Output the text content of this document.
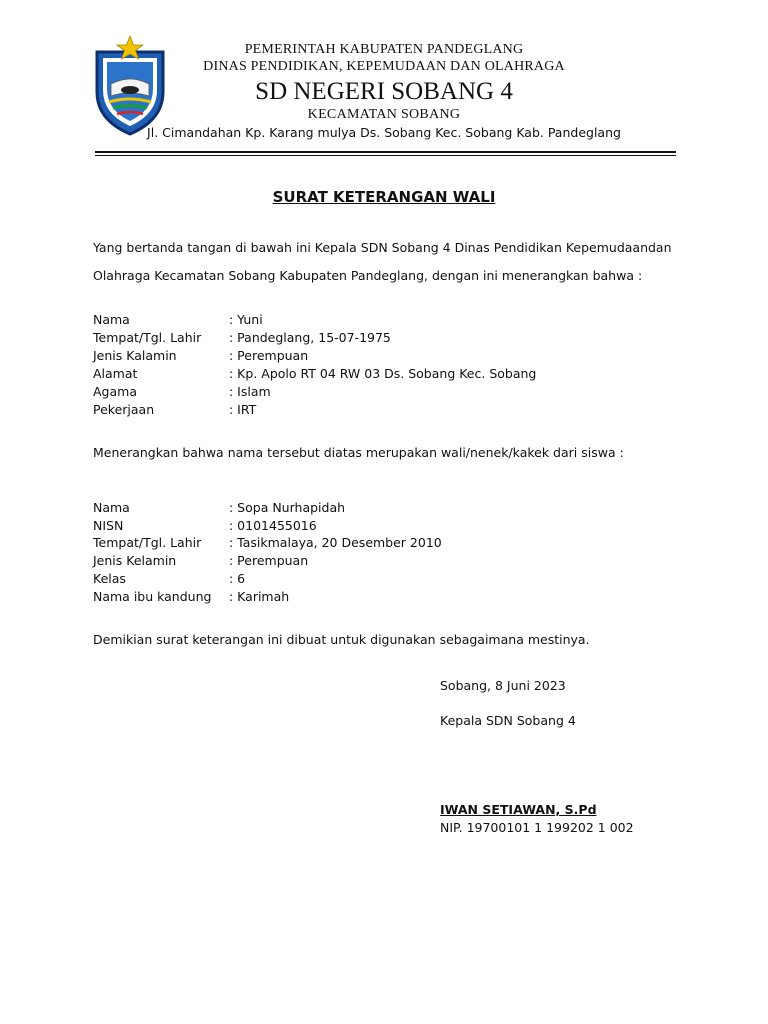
PEMERINTAH KABUPATEN PANDEGLANG
DINAS PENDIDIKAN, KEPEMUDAAN DAN OLAHRAGA
SD NEGERI SOBANG 4
KECAMATAN SOBANG
Jl. Cimandahan Kp. Karang mulya Ds. Sobang Kec. Sobang Kab. Pandeglang
SURAT KETERANGAN WALI
Yang bertanda tangan di bawah ini Kepala SDN Sobang 4 Dinas Pendidikan Kepemudaandan
Olahraga Kecamatan Sobang Kabupaten Pandeglang, dengan ini menerangkan bahwa :
Nama	: Yuni
Tempat/Tgl. Lahir : Pandeglang, 15-07-1975
Jenis Kalamin	: Perempuan
Alamat	: Kp. Apolo RT 04 RW 03 Ds. Sobang Kec. Sobang
Agama	: Islam
Pekerjaan	: IRT
Menerangkan bahwa nama tersebut diatas merupakan wali/nenek/kakek dari siswa :
Nama	: Sopa Nurhapidah
NISN	: 0101455016
Tempat/Tgl. Lahir : Tasikmalaya, 20 Desember 2010
Jenis Kelamin	: Perempuan
Kelas	: 6
Nama ibu kandung : Karimah
Demikian surat keterangan ini dibuat untuk digunakan sebagaimana mestinya.
Sobang, 8 Juni 2023
Kepala SDN Sobang 4
IWAN SETIAWAN, S.Pd
NIP. 19700101 1 199202 1 002
